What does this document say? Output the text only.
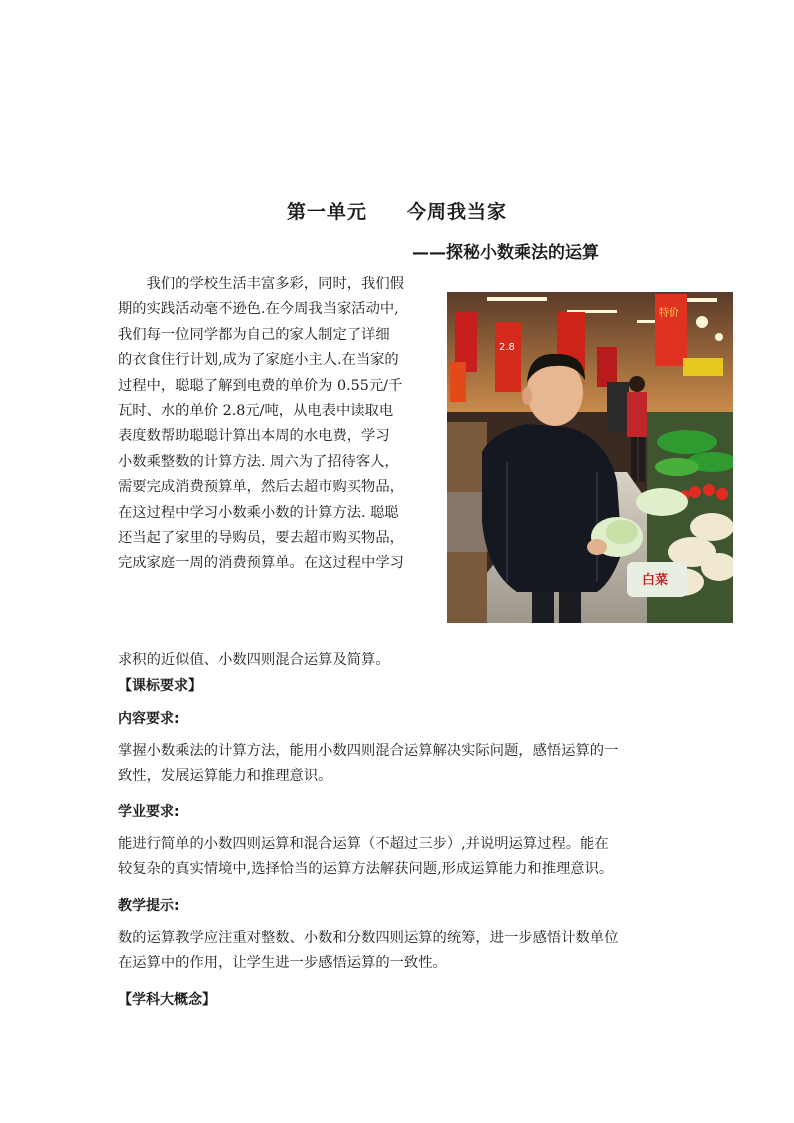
第一单元 今周我当家
——探秘小数乘法的运算
我们的学校生活丰富多彩，同时，我们假
期的实践活动毫不逊色.在今周我当家活动中,
我们每一位同学都为自己的家人制定了详细
的衣食住行计划,成为了家庭小主人.在当家的
过程中，聪聪了解到电费的单价为 0.55元/千
瓦时、水的单价 2.8元/吨，从电表中读取电
表度数帮助聪聪计算出本周的水电费，学习
小数乘整数的计算方法. 周六为了招待客人，
需要完成消费预算单，然后去超市购买物品，
在这过程中学习小数乘小数的计算方法. 聪聪
还当起了家里的导购员，要去超市购买物品，
完成家庭一周的消费预算单。在这过程中学习
特价
2.8
白菜
求积的近似值、小数四则混合运算及简算。
【课标要求】
内容要求:
掌握小数乘法的计算方法，能用小数四则混合运算解决实际问题，感悟运算的一
致性，发展运算能力和推理意识。
学业要求:
能进行简单的小数四则运算和混合运算（不超过三步）,并说明运算过程。能在
较复杂的真实情境中,选择恰当的运算方法解获问题,形成运算能力和推理意识。
教学提示:
数的运算教学应注重对整数、小数和分数四则运算的统筹，进一步感悟计数单位
在运算中的作用，让学生进一步感悟运算的一致性。
【学科大概念】
